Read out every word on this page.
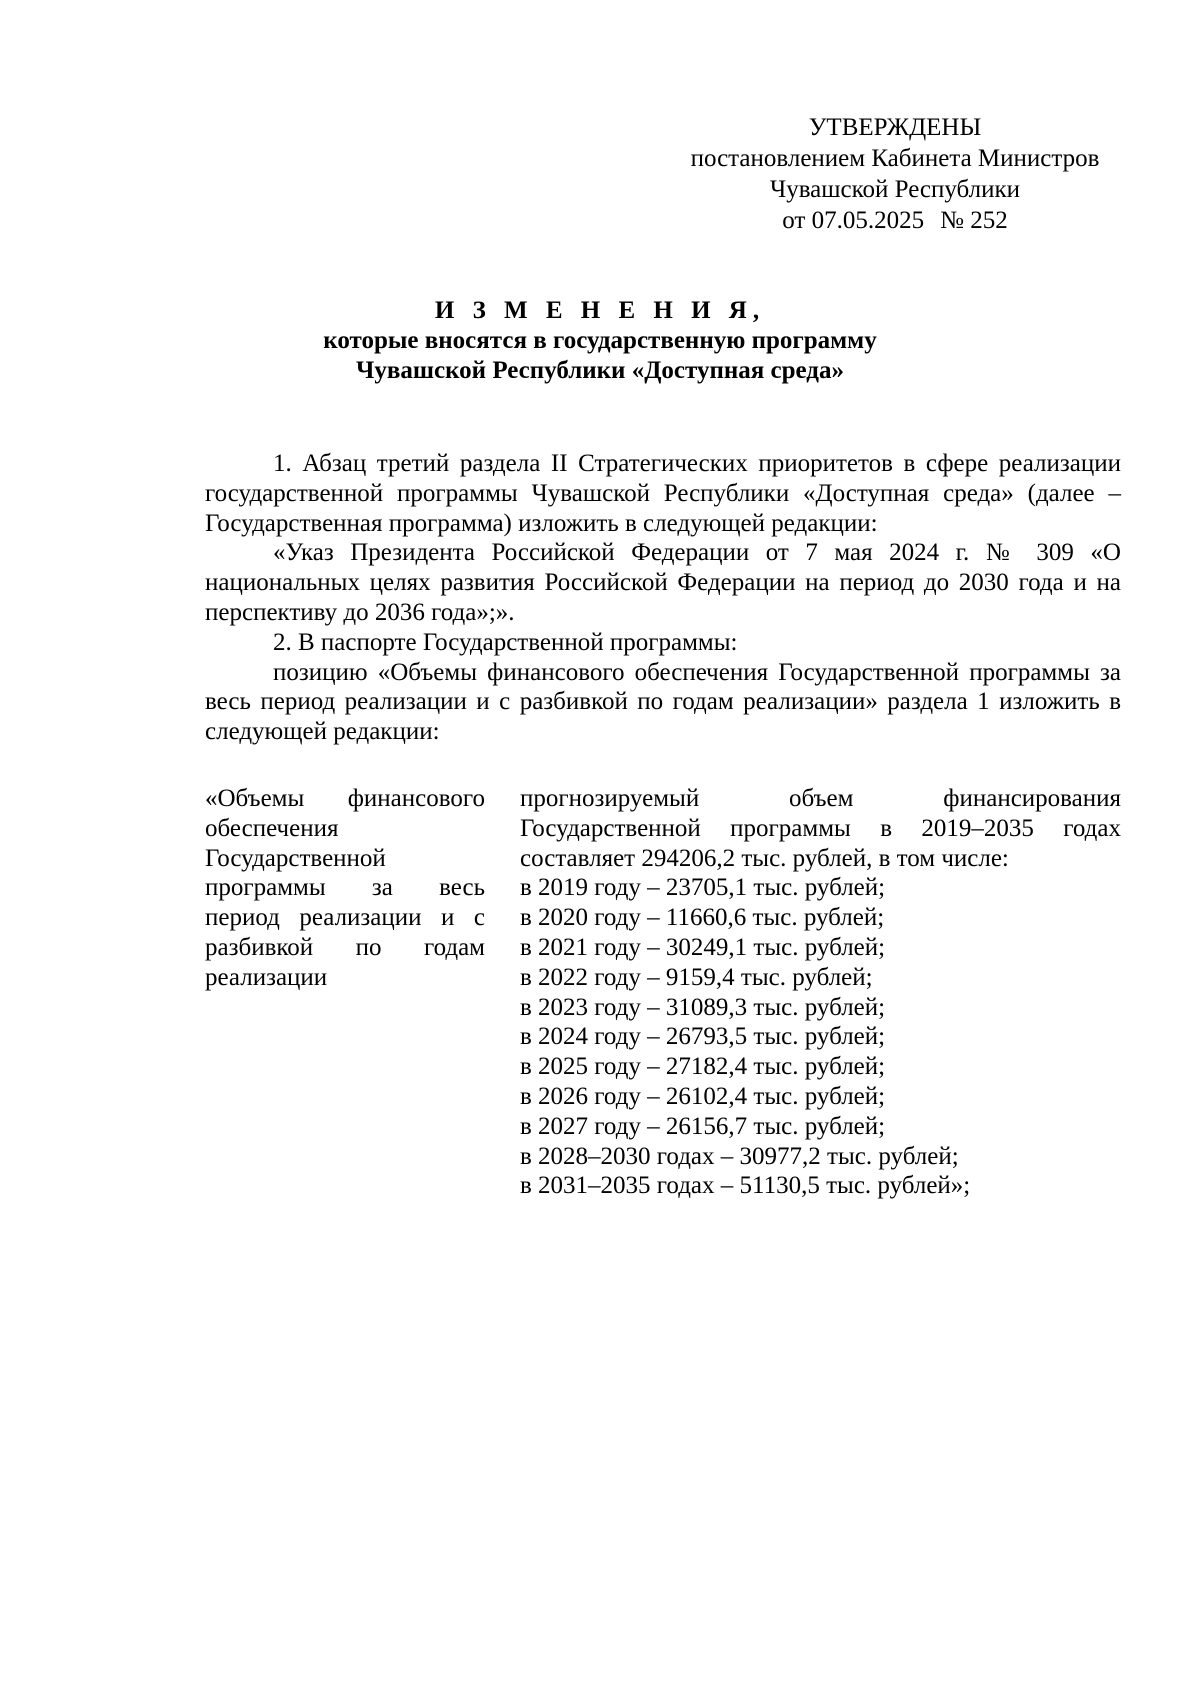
УТВЕРЖДЕНЫ
постановлением Кабинета Министров
Чувашской Республики
от 07.05.2025 № 252
И З М Е Н Е Н И Я,
которые вносятся в государственную программу
Чувашской Республики «Доступная среда»

1. Абзац третий раздела II Стратегических приоритетов в сфере реализации государственной программы Чувашской Республики «Доступная среда» (далее – Государственная программа) изложить в следующей редакции:

«Указ Президента Российской Федерации от 7 мая 2024 г. № 309 «О национальных целях развития Российской Федерации на период до 2030 года и на перспективу до 2036 года»;».

2. В паспорте Государственной программы:

позицию «Объемы финансового обеспечения Государственной программы за весь период реализации и с разбивкой по годам реализации» раздела 1 изложить в следующей редакции:

«Объемы финансового обеспечения Государственной программы за весь период реализации и с разбивкой по годам реализации
прогнозируемый объем финансирования Государственной программы в 2019–2035 годах составляет 294206,2 тыс. рублей, в том числе:
в 2019 году – 23705,1 тыс. рублей;
в 2020 году – 11660,6 тыс. рублей;
в 2021 году – 30249,1 тыс. рублей;
в 2022 году – 9159,4 тыс. рублей;
в 2023 году – 31089,3 тыс. рублей;
в 2024 году – 26793,5 тыс. рублей;
в 2025 году – 27182,4 тыс. рублей;
в 2026 году – 26102,4 тыс. рублей;
в 2027 году – 26156,7 тыс. рублей;
в 2028–2030 годах – 30977,2 тыс. рублей;
в 2031–2035 годах – 51130,5 тыс. рублей»;
